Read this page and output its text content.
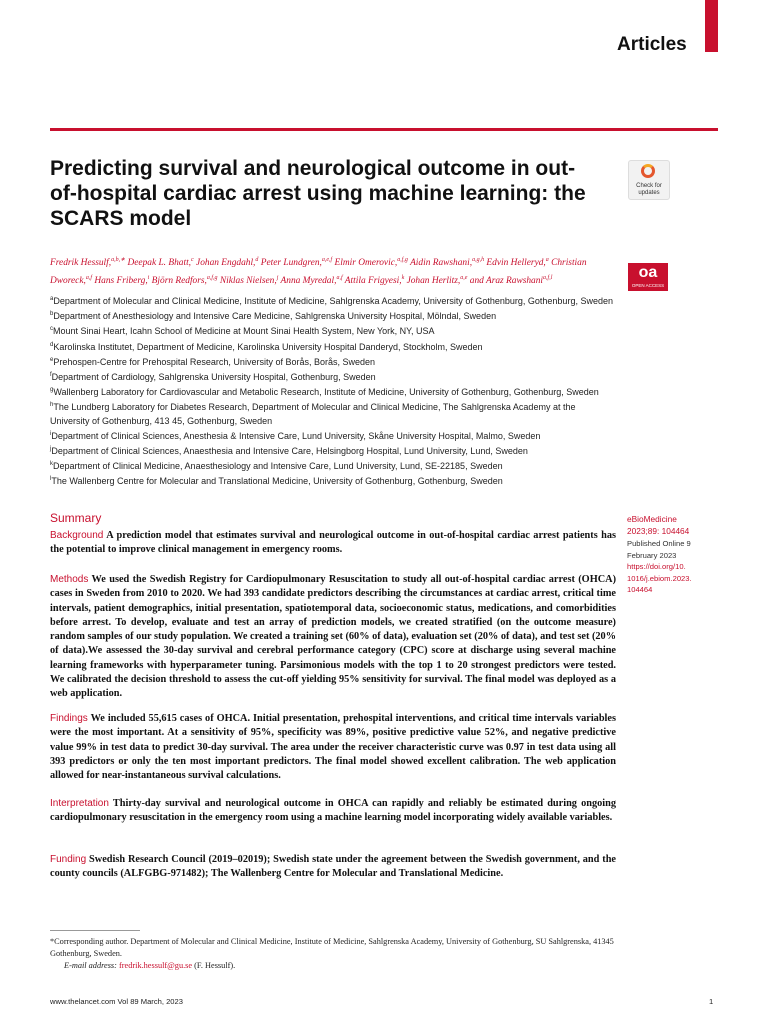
Articles
Predicting survival and neurological outcome in out-of-hospital cardiac arrest using machine learning: the SCARS model
Check for updates
Fredrik Hessulf,$^{a,b,∗}$ Deepak L. Bhatt,$^c$ Johan Engdahl,$^d$ Peter Lundgren,$^{a,e,f}$ Elmir Omerovic,$^{a,f,g}$ Aidin Rawshani,$^{a,g,h}$ Edvin Helleryd,$^a$ Christian Dworeck,$^{a,f}$ Hans Friberg,$^i$ Björn Redfors,$^{a,f,g}$ Niklas Nielsen,$^j$ Anna Myredal,$^{a,f}$ Attila Frigyesi,$^k$ Johan Herlitz,$^{a,e}$ and Araz Rawshani$^{a,f,l}$	oa
OPEN ACCESS
$^a$Department of Molecular and Clinical Medicine, Institute of Medicine, Sahlgrenska Academy, University of Gothenburg, Gothenburg, Sweden
$^b$Department of Anesthesiology and Intensive Care Medicine, Sahlgrenska University Hospital, Mölndal, Sweden
$^c$Mount Sinai Heart, Icahn School of Medicine at Mount Sinai Health System, New York, NY, USA
$^d$Karolinska Institutet, Department of Medicine, Karolinska University Hospital Danderyd, Stockholm, Sweden
$^e$Prehospen-Centre for Prehospital Research, University of Borås, Borås, Sweden
$^f$Department of Cardiology, Sahlgrenska University Hospital, Gothenburg, Sweden
$^g$Wallenberg Laboratory for Cardiovascular and Metabolic Research, Institute of Medicine, University of Gothenburg, Gothenburg, Sweden
$^h$The Lundberg Laboratory for Diabetes Research, Department of Molecular and Clinical Medicine, The Sahlgrenska Academy at the University of Gothenburg, 413 45, Gothenburg, Sweden
$^i$Department of Clinical Sciences, Anesthesia & Intensive Care, Lund University, Skåne University Hospital, Malmo, Sweden
$^j$Department of Clinical Sciences, Anaesthesia and Intensive Care, Helsingborg Hospital, Lund University, Lund, Sweden
$^k$Department of Clinical Medicine, Anaesthesiology and Intensive Care, Lund University, Lund, SE-22185, Sweden
$^l$The Wallenberg Centre for Molecular and Translational Medicine, University of Gothenburg, Gothenburg, Sweden
Summary
Background A prediction model that estimates survival and neurological outcome in out-of-hospital cardiac arrest patients has the potential to improve clinical management in emergency rooms.
Methods We used the Swedish Registry for Cardiopulmonary Resuscitation to study all out-of-hospital cardiac arrest (OHCA) cases in Sweden from 2010 to 2020. We had 393 candidate predictors describing the circumstances at cardiac arrest, critical time intervals, patient demographics, initial presentation, spatiotemporal data, socioeconomic status, medications, and comorbidities before arrest. To develop, evaluate and test an array of prediction models, we created stratified (on the outcome measure) random samples of our study population. We created a training set (60% of data), evaluation set (20% of data), and test set (20% of data).We assessed the 30-day survival and cerebral performance category (CPC) score at discharge using several machine learning frameworks with hyperparameter tuning. Parsimonious models with the top 1 to 20 strongest predictors were tested. We calibrated the decision threshold to assess the cut-off yielding 95% sensitivity for survival. The final model was deployed as a web application.
Findings We included 55,615 cases of OHCA. Initial presentation, prehospital interventions, and critical time intervals variables were the most important. At a sensitivity of 95%, specificity was 89%, positive predictive value 52%, and negative predictive value 99% in test data to predict 30-day survival. The area under the receiver characteristic curve was 0.97 in test data using all 393 predictors or only the ten most important predictors. The final model showed excellent calibration. The web application allowed for near-instantaneous survival calculations.
Interpretation Thirty-day survival and neurological outcome in OHCA can rapidly and reliably be estimated during ongoing cardiopulmonary resuscitation in the emergency room using a machine learning model incorporating widely available variables.
Funding Swedish Research Council (2019–02019); Swedish state under the agreement between the Swedish government, and the county councils (ALFGBG-971482); The Wallenberg Centre for Molecular and Translational Medicine.
eBioMedicine
2023;89: 104464
Published Online 9
February 2023
https://doi.org/10.
1016/j.ebiom.2023.
104464
*Corresponding author. Department of Molecular and Clinical Medicine, Institute of Medicine, Sahlgrenska Academy, University of Gothenburg, SU Sahlgrenska, 41345 Gothenburg, Sweden.
E-mail address: fredrik.hessulf@gu.se (F. Hessulf).
www.thelancet.com Vol 89 March, 2023	1
